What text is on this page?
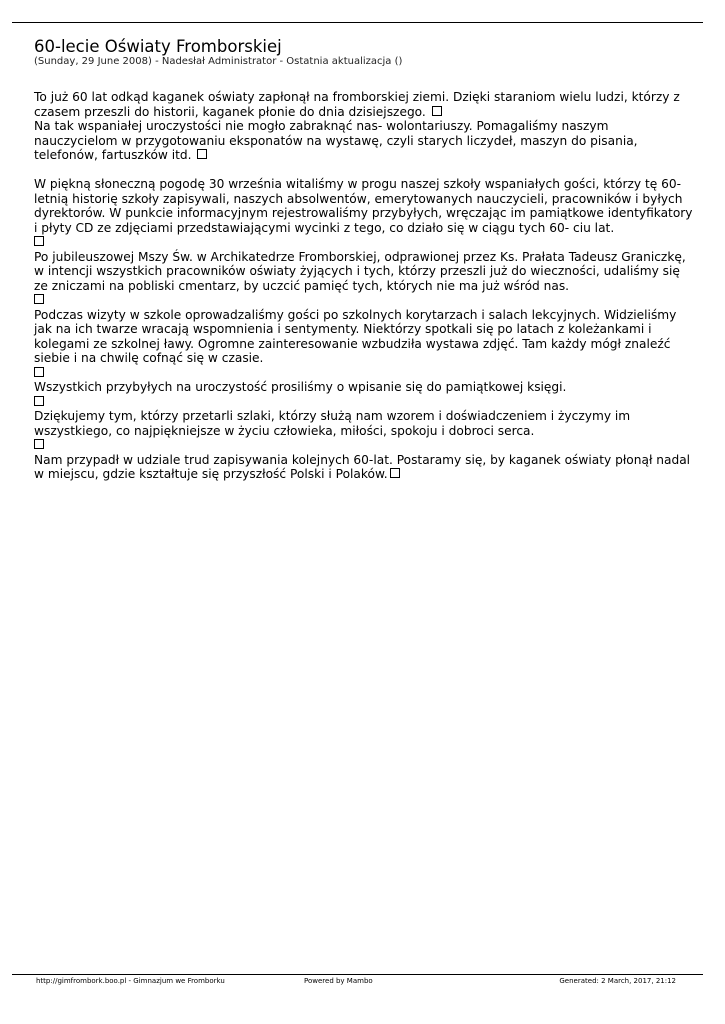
60-lecie Oświaty Fromborskiej

(Sunday, 29 June 2008) - Nadesłał Administrator - Ostatnia aktualizacja ()

To już 60 lat odkąd kaganek oświaty zapłonął na fromborskiej ziemi. Dzięki staraniom wielu ludzi, którzy z czasem przeszli do historii, kaganek płonie do dnia dzisiejszego.

Na tak wspaniałej uroczystości nie mogło zabraknąć nas- wolontariuszy. Pomagaliśmy naszym nauczycielom w przygotowaniu eksponatów na wystawę, czyli starych liczydeł, maszyn do pisania, telefonów, fartuszków itd.

W piękną słoneczną pogodę 30 września witaliśmy w progu naszej szkoły wspaniałych gości, którzy tę 60- letnią historię szkoły zapisywali, naszych absolwentów, emerytowanych nauczycieli, pracowników i byłych dyrektorów. W punkcie informacyjnym rejestrowaliśmy przybyłych, wręczając im pamiątkowe identyfikatory i płyty CD ze zdjęciami przedstawiającymi wycinki z tego, co działo się w ciągu tych 60- ciu lat.

Po jubileuszowej Mszy Św. w Archikatedrze Fromborskiej, odprawionej przez Ks. Prałata Tadeusz Graniczkę, w intencji wszystkich pracowników oświaty żyjących i tych, którzy przeszli już do wieczności, udaliśmy się ze zniczami na pobliski cmentarz, by uczcić pamięć tych, których nie ma już wśród nas.

Podczas wizyty w szkole oprowadzaliśmy gości po szkolnych korytarzach i salach lekcyjnych. Widzieliśmy jak na ich twarze wracają wspomnienia i sentymenty. Niektórzy spotkali się po latach z koleżankami i kolegami ze szkolnej ławy. Ogromne zainteresowanie wzbudziła wystawa zdjęć. Tam każdy mógł znaleźć siebie i na chwilę cofnąć się w czasie.

Wszystkich przybyłych na uroczystość prosiliśmy o wpisanie się do pamiątkowej księgi.

Dziękujemy tym, którzy przetarli szlaki, którzy służą nam wzorem i doświadczeniem i życzymy im wszystkiego, co najpiękniejsze w życiu człowieka, miłości, spokoju i dobroci serca.

Nam przypadł w udziale trud zapisywania kolejnych 60-lat. Postaramy się, by kaganek oświaty płonął nadal w miejscu, gdzie kształtuje się przyszłość Polski i Polaków.

http://gimfrombork.boo.pl - Gimnazjum we Fromborku	Powered by Mambo	Generated: 2 March, 2017, 21:12
